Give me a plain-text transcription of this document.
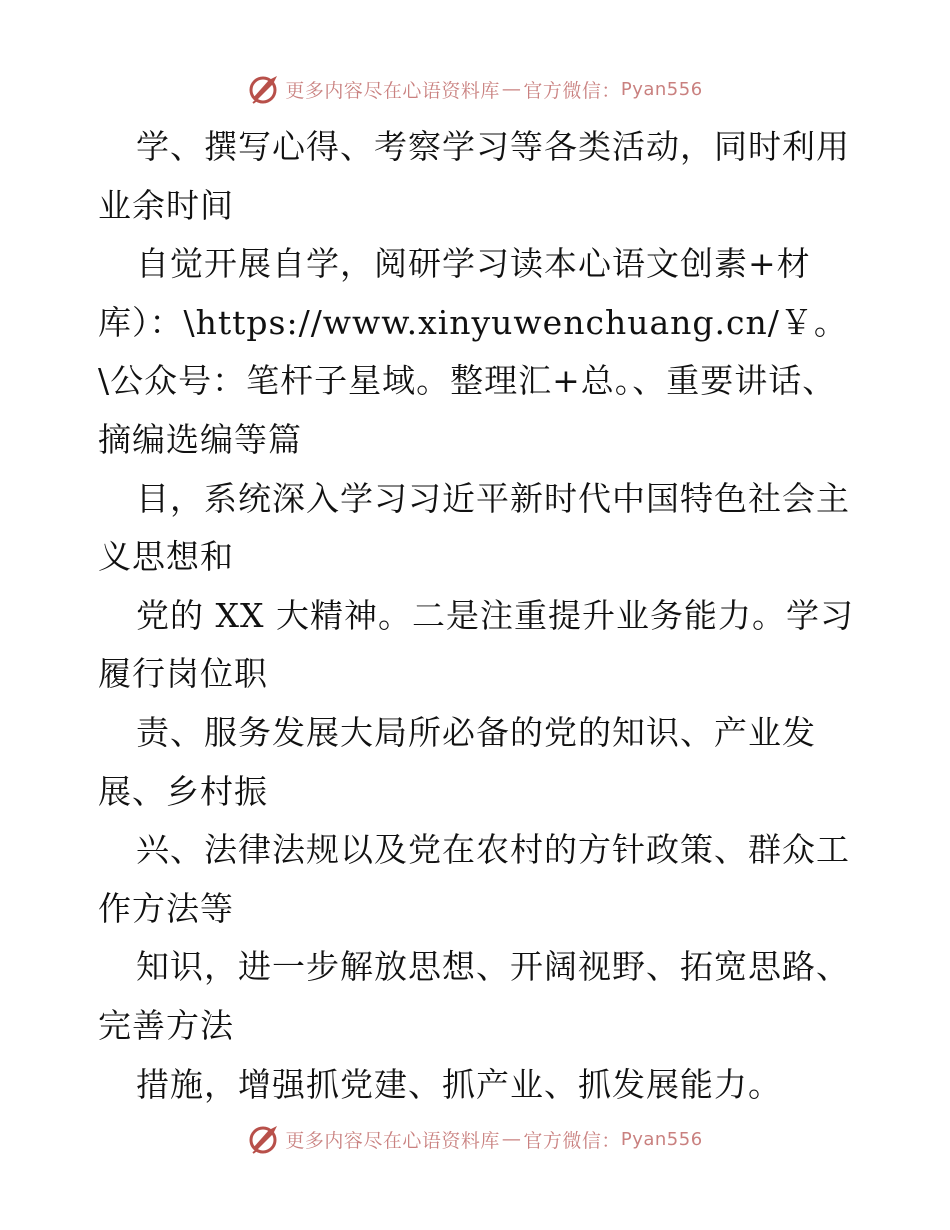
更多内容尽在心语资料库 — 官方微信： Pyan556

学、撰写心得、考察学习等各类活动，同时利用业余时间

自觉开展自学，阅研学习读本心语文创素+材库）：\https://www.xinyuwenchuang.cn/￥。\公众号：笔杆子星域。整理汇+总。、重要讲话、摘编选编等篇

目，系统深入学习习近平新时代中国特色社会主义思想和

党的 XX 大精神。二是注重提升业务能力。学习履行岗位职

责、服务发展大局所必备的党的知识、产业发展、乡村振

兴、法律法规以及党在农村的方针政策、群众工作方法等

知识，进一步解放思想、开阔视野、拓宽思路、完善方法

措施，增强抓党建、抓产业、抓发展能力。

更多内容尽在心语资料库 — 官方微信： Pyan556
